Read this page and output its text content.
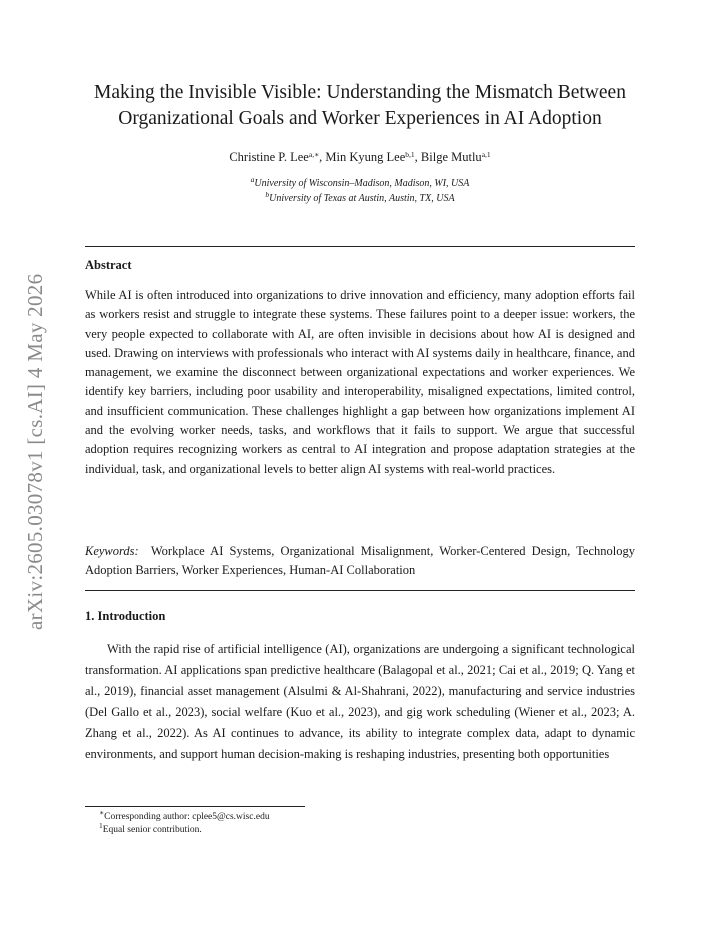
arXiv:2605.03078v1 [cs.AI] 4 May 2026
Making the Invisible Visible: Understanding the Mismatch Between Organizational Goals and Worker Experiences in AI Adoption
Christine P. Lee$^{a,∗}$, Min Kyung Lee$^{b,1}$, Bilge Mutlu$^{a,1}$
$^a$University of Wisconsin–Madison, Madison, WI, USA
$^b$University of Texas at Austin, Austin, TX, USA
Abstract

While AI is often introduced into organizations to drive innovation and efficiency, many adoption efforts fail as workers resist and struggle to integrate these systems. These failures point to a deeper issue: workers, the very people expected to collaborate with AI, are often invisible in decisions about how AI is designed and used. Drawing on interviews with professionals who interact with AI systems daily in healthcare, finance, and management, we examine the disconnect between organizational expectations and worker experiences. We identify key barriers, including poor usability and interoperability, misaligned expectations, limited control, and insufficient communication. These challenges highlight a gap between how organizations implement AI and the evolving worker needs, tasks, and workflows that it fails to support. We argue that successful adoption requires recognizing workers as central to AI integration and propose adaptation strategies at the individual, task, and organizational levels to better align AI systems with real-world practices.

Keywords: Workplace AI Systems, Organizational Misalignment, Worker-Centered Design, Technology Adoption Barriers, Worker Experiences, Human-AI Collaboration

1. Introduction

With the rapid rise of artificial intelligence (AI), organizations are undergoing a significant technological transformation. AI applications span predictive healthcare (Balagopal et al., 2021; Cai et al., 2019; Q. Yang et al., 2019), financial asset management (Alsulmi & Al-Shahrani, 2022), manufacturing and service industries (Del Gallo et al., 2023), social welfare (Kuo et al., 2023), and gig work scheduling (Wiener et al., 2023; A. Zhang et al., 2022). As AI continues to advance, its ability to integrate complex data, adapt to dynamic environments, and support human decision-making is reshaping industries, presenting both opportunities

∗Corresponding author: cplee5@cs.wisc.edu
$^1$Equal senior contribution.
